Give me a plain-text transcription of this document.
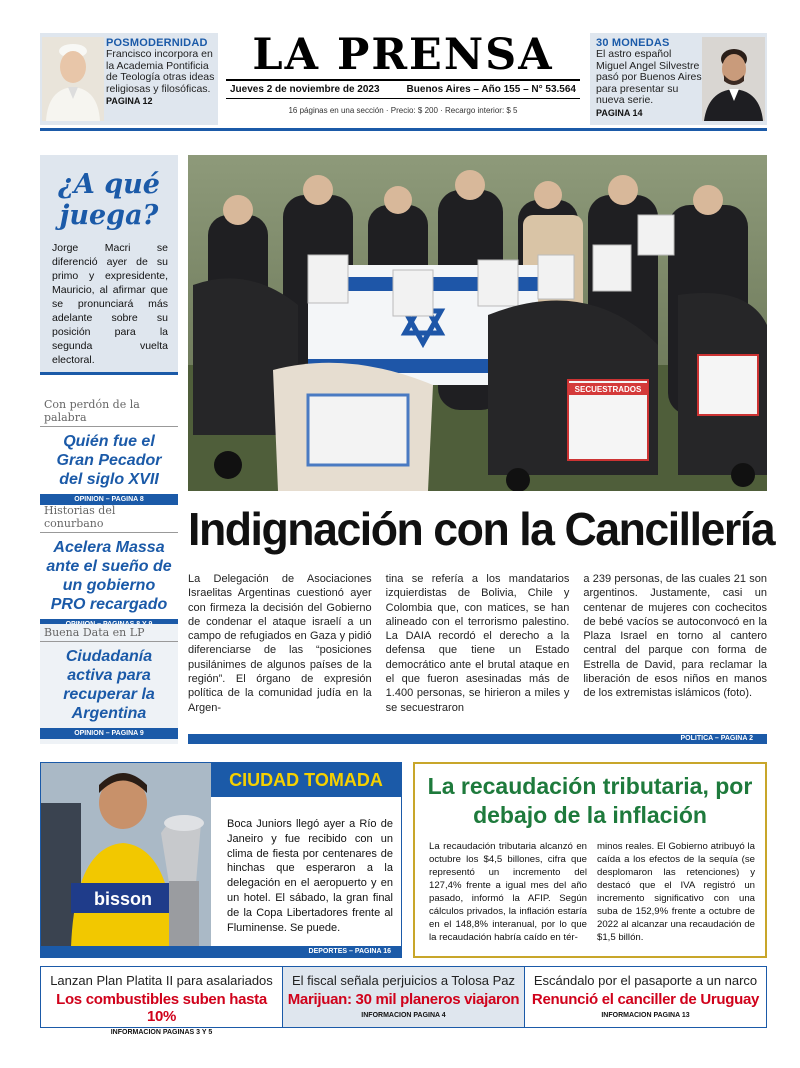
POSMODERNIDAD
Francisco incorpora en la Academia Pontificia de Teología otras ideas religiosas y filosóficas.
PAGINA 12
LA PRENSA
Jueves 2 de noviembre de 2023	Buenos Aires – Año 155 – N° 53.564
16 páginas en una sección · Precio: $ 200 · Recargo interior: $ 5
30 MONEDAS
El astro español Miguel Angel Silvestre pasó por Buenos Aires para presentar su nueva serie.
PAGINA 14
¿A qué juega?

Jorge Macri se diferenció ayer de su primo y expresidente, Mauricio, al afirmar que se pronunciará más adelante sobre su posición para la segunda vuelta electoral.

Con perdón de la palabra
Quién fue el Gran Pecador del siglo XVII
OPINION – PAGINA 8
Historias del conurbano
Acelera Massa ante el sueño de un gobierno PRO recargado
Buena Data en LP
Ciudadanía activa para recuperar la Argentina
OPINION – PAGINA 9
SECUESTRADOS
Indignación con la Cancillería

La Delegación de Asociaciones Israelitas Argentinas cuestionó ayer con firmeza la decisión del Gobierno de condenar el ataque israelí a un campo de refugiados en Gaza y pidió diferenciarse de las “posiciones pusilánimes de algunos países de la región”. El órgano de expresión política de la comunidad judía en la Argen-

tina se refería a los mandatarios izquierdistas de Bolivia, Chile y Colombia que, con matices, se han alineado con el terrorismo palestino. La DAIA recordó el derecho a la defensa que tiene un Estado democrático ante el brutal ataque en el que fueron asesinadas más de 1.400 personas, se hirieron a miles y se secuestraron

a 239 personas, de las cuales 21 son argentinos. Justamente, casi un centenar de mujeres con cochecitos de bebé vacíos se autoconvocó en la Plaza Israel en torno al cantero central del parque con forma de Estrella de David, para reclamar la liberación de esos niños en manos de los extremistas islámicos (foto).

POLITICA – PAGINA 2
bisson
CIUDAD TOMADA

Boca Juniors llegó ayer a Río de Janeiro y fue recibido con un clima de fiesta por centenares de hinchas que esperaron a la delegación en el aeropuerto y en un hotel. El sábado, la gran final de la Copa Libertadores frente al Fluminense. Se puede.

DEPORTES – PAGINA 16
La recaudación tributaria, por debajo de la inflación

La recaudación tributaria alcanzó en octubre los $4,5 billones, cifra que representó un incremento del 127,4% frente a igual mes del año pasado, informó la AFIP. Según cálculos privados, la inflación estaría en el 148,8% interanual, por lo que la recaudación habría caído en tér-

minos reales. El Gobierno atribuyó la caída a los efectos de la sequía (se desplomaron las retenciones) y destacó que el IVA registró un incremento significativo con una suba de 152,9% frente a octubre de 2022 al alcanzar una recaudación de $1,5 billón.

Lanzan Plan Platita II para asalariados
Los combustibles suben hasta 10%
INFORMACION PAGINAS 3 Y 5
El fiscal señala perjuicios a Tolosa Paz
Marijuan: 30 mil planeros viajaron
INFORMACION PAGINA 4
Escándalo por el pasaporte a un narco
Renunció el canciller de Uruguay
INFORMACION PAGINA 13
